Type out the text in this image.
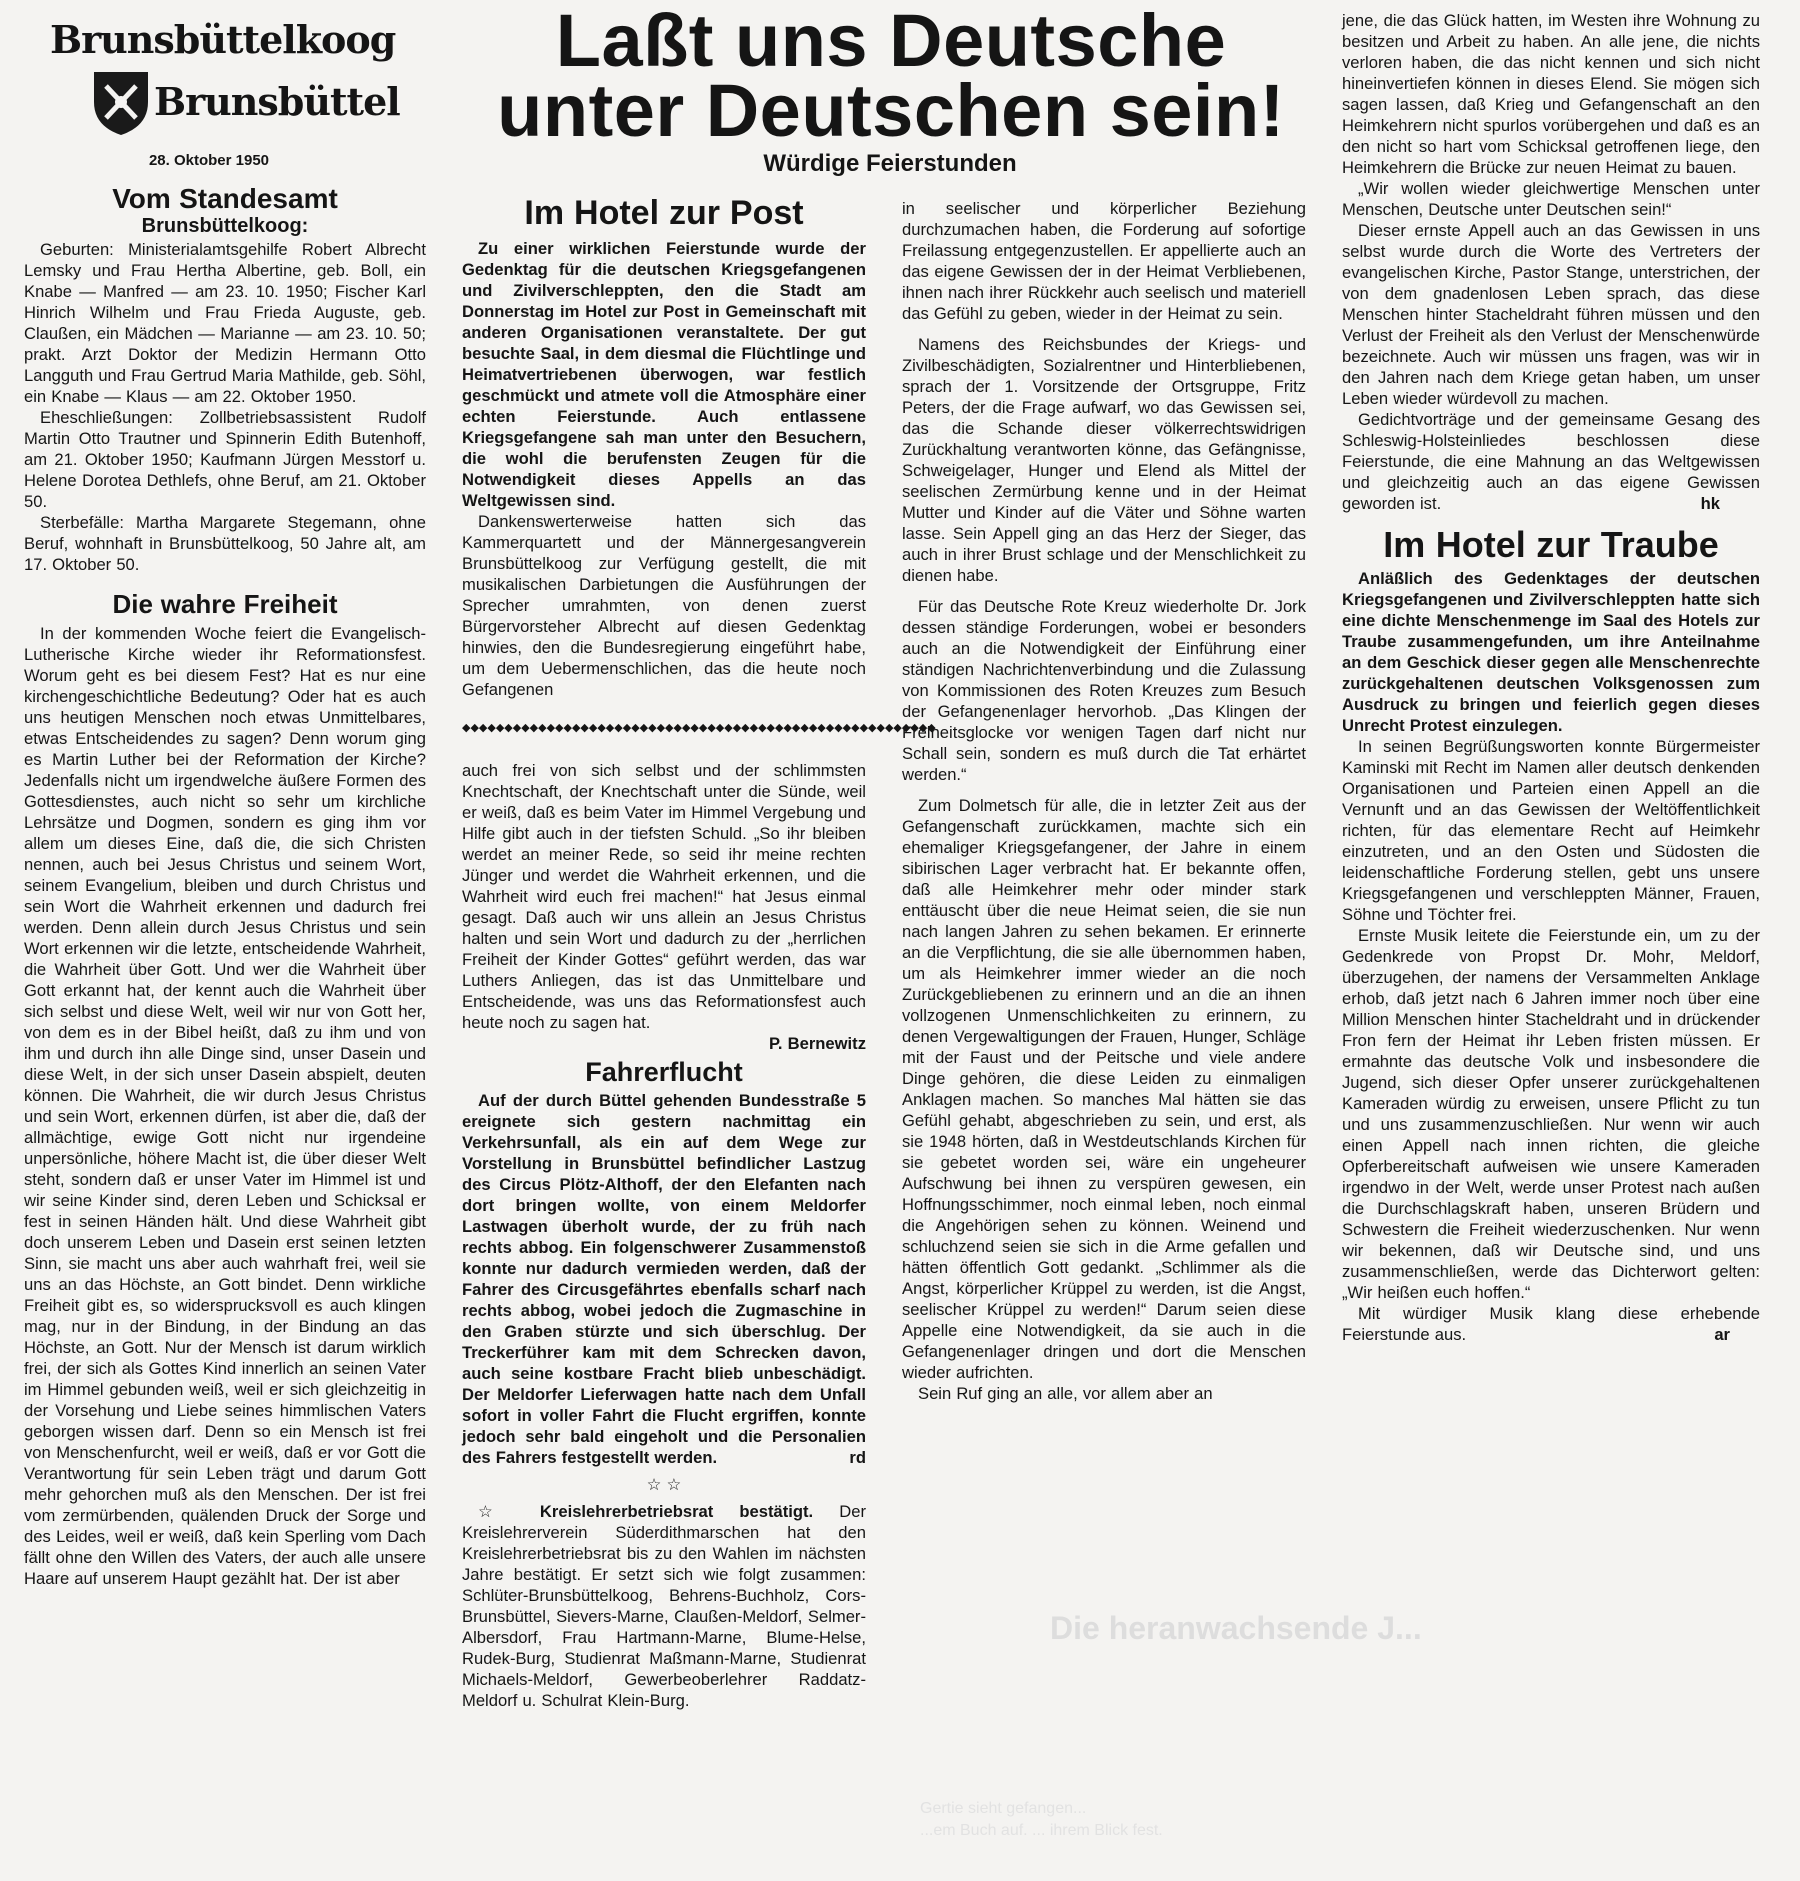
Brunsbüttelkoog
Brunsbüttel
28. Oktober 1950
Laßt uns Deutsche
unter Deutschen sein!
Würdige Feierstunden
Vom Standesamt
Brunsbüttelkoog:

Geburten: Ministerialamtsgehilfe Robert Albrecht Lemsky und Frau Hertha Albertine, geb. Boll, ein Knabe — Manfred — am 23. 10. 1950; Fischer Karl Hinrich Wilhelm und Frau Frieda Auguste, geb. Claußen, ein Mädchen — Marianne — am 23. 10. 50; prakt. Arzt Doktor der Medizin Hermann Otto Langguth und Frau Gertrud Maria Mathilde, geb. Söhl, ein Knabe — Klaus — am 22. Oktober 1950.

Eheschließungen: Zollbetriebsassistent Rudolf Martin Otto Trautner und Spinnerin Edith Butenhoff, am 21. Oktober 1950; Kaufmann Jürgen Messtorf u. Helene Dorotea Dethlefs, ohne Beruf, am 21. Oktober 50.

Sterbefälle: Martha Margarete Stegemann, ohne Beruf, wohnhaft in Brunsbüttelkoog, 50 Jahre alt, am 17. Oktober 50.

Die wahre Freiheit

In der kommenden Woche feiert die Evangelisch-Lutherische Kirche wieder ihr Reformationsfest. Worum geht es bei diesem Fest? Hat es nur eine kirchengeschichtliche Bedeutung? Oder hat es auch uns heutigen Menschen noch etwas Unmittelbares, etwas Entscheidendes zu sagen? Denn worum ging es Martin Luther bei der Reformation der Kirche? Jedenfalls nicht um irgendwelche äußere Formen des Gottesdienstes, auch nicht so sehr um kirchliche Lehrsätze und Dogmen, sondern es ging ihm vor allem um dieses Eine, daß die, die sich Christen nennen, auch bei Jesus Christus und seinem Wort, seinem Evangelium, bleiben und durch Christus und sein Wort die Wahrheit erkennen und dadurch frei werden. Denn allein durch Jesus Christus und sein Wort erkennen wir die letzte, entscheidende Wahrheit, die Wahrheit über Gott. Und wer die Wahrheit über Gott erkannt hat, der kennt auch die Wahrheit über sich selbst und diese Welt, weil wir nur von Gott her, von dem es in der Bibel heißt, daß zu ihm und von ihm und durch ihn alle Dinge sind, unser Dasein und diese Welt, in der sich unser Dasein abspielt, deuten können. Die Wahrheit, die wir durch Jesus Christus und sein Wort, erkennen dürfen, ist aber die, daß der allmächtige, ewige Gott nicht nur irgendeine unpersönliche, höhere Macht ist, die über dieser Welt steht, sondern daß er unser Vater im Himmel ist und wir seine Kinder sind, deren Leben und Schicksal er fest in seinen Händen hält. Und diese Wahrheit gibt doch unserem Leben und Dasein erst seinen letzten Sinn, sie macht uns aber auch wahrhaft frei, weil sie uns an das Höchste, an Gott bindet. Denn wirkliche Freiheit gibt es, so widersprucksvoll es auch klingen mag, nur in der Bindung, in der Bindung an das Höchste, an Gott. Nur der Mensch ist darum wirklich frei, der sich als Gottes Kind innerlich an seinen Vater im Himmel gebunden weiß, weil er sich gleichzeitig in der Vorsehung und Liebe seines himmlischen Vaters geborgen wissen darf. Denn so ein Mensch ist frei von Menschenfurcht, weil er weiß, daß er vor Gott die Verantwortung für sein Leben trägt und darum Gott mehr gehorchen muß als den Menschen. Der ist frei vom zermürbenden, quälenden Druck der Sorge und des Leides, weil er weiß, daß kein Sperling vom Dach fällt ohne den Willen des Vaters, der auch alle unsere Haare auf unserem Haupt gezählt hat. Der ist aber

Im Hotel zur Post

Zu einer wirklichen Feierstunde wurde der Gedenktag für die deutschen Kriegsgefangenen und Zivilverschleppten, den die Stadt am Donnerstag im Hotel zur Post in Gemeinschaft mit anderen Organisationen veranstaltete. Der gut besuchte Saal, in dem diesmal die Flüchtlinge und Heimatvertriebenen überwogen, war festlich geschmückt und atmete voll die Atmosphäre einer echten Feierstunde. Auch entlassene Kriegsgefangene sah man unter den Besuchern, die wohl die berufensten Zeugen für die Notwendigkeit dieses Appells an das Weltgewissen sind.

Dankenswerterweise hatten sich das Kammerquartett und der Männergesangverein Brunsbüttelkoog zur Verfügung gestellt, die mit musikalischen Darbietungen die Ausführungen der Sprecher umrahmten, von denen zuerst Bürgervorsteher Albrecht auf diesen Gedenktag hinwies, den die Bundesregierung eingeführt habe, um dem Uebermenschlichen, das die heute noch Gefangenen

◆◆◆◆◆◆◆◆◆◆◆◆◆◆◆◆◆◆◆◆◆◆◆◆◆◆◆◆◆◆◆◆◆◆◆◆◆◆◆◆◆◆◆◆◆◆◆◆◆◆◆◆◆◆◆◆

auch frei von sich selbst und der schlimmsten Knechtschaft, der Knechtschaft unter die Sünde, weil er weiß, daß es beim Vater im Himmel Vergebung und Hilfe gibt auch in der tiefsten Schuld. „So ihr bleiben werdet an meiner Rede, so seid ihr meine rechten Jünger und werdet die Wahrheit erkennen, und die Wahrheit wird euch frei machen!“ hat Jesus einmal gesagt. Daß auch wir uns allein an Jesus Christus halten und sein Wort und dadurch zu der „herrlichen Freiheit der Kinder Gottes“ geführt werden, das war Luthers Anliegen, das ist das Unmittelbare und Entscheidende, was uns das Reformationsfest auch heute noch zu sagen hat.

P. Bernewitz
Fahrerflucht

Auf der durch Büttel gehenden Bundesstraße 5 ereignete sich gestern nachmittag ein Verkehrsunfall, als ein auf dem Wege zur Vorstellung in Brunsbüttel befindlicher Lastzug des Circus Plötz-Althoff, der den Elefanten nach dort bringen wollte, von einem Meldorfer Lastwagen überholt wurde, der zu früh nach rechts abbog. Ein folgenschwerer Zusammenstoß konnte nur dadurch vermieden werden, daß der Fahrer des Circusgefährtes ebenfalls scharf nach rechts abbog, wobei jedoch die Zugmaschine in den Graben stürzte und sich überschlug. Der Treckerführer kam mit dem Schrecken davon, auch seine kostbare Fracht blieb unbeschädigt. Der Meldorfer Lieferwagen hatte nach dem Unfall sofort in voller Fahrt die Flucht ergriffen, konnte jedoch sehr bald eingeholt und die Personalien des Fahrers festgestellt werden.	rd
☆ ☆

☆ Kreislehrerbetriebsrat bestätigt. Der Kreislehrerverein Süderdithmarschen hat den Kreislehrerbetriebsrat bis zu den Wahlen im nächsten Jahre bestätigt. Er setzt sich wie folgt zusammen: Schlüter-Brunsbüttelkoog, Behrens-Buchholz, Cors-Brunsbüttel, Sievers-Marne, Claußen-Meldorf, Selmer-Albersdorf, Frau Hartmann-Marne, Blume-Helse, Rudek-Burg, Studienrat Maßmann-Marne, Studienrat Michaels-Meldorf, Gewerbeoberlehrer Raddatz-Meldorf u. Schulrat Klein-Burg.

in seelischer und körperlicher Beziehung durchzumachen haben, die Forderung auf sofortige Freilassung entgegenzustellen. Er appellierte auch an das eigene Gewissen der in der Heimat Verbliebenen, ihnen nach ihrer Rückkehr auch seelisch und materiell das Gefühl zu geben, wieder in der Heimat zu sein.

Namens des Reichsbundes der Kriegs- und Zivilbeschädigten, Sozialrentner und Hinterbliebenen, sprach der 1. Vorsitzende der Ortsgruppe, Fritz Peters, der die Frage aufwarf, wo das Gewissen sei, das die Schande dieser völkerrechtswidrigen Zurückhaltung verantworten könne, das Gefängnisse, Schweigelager, Hunger und Elend als Mittel der seelischen Zermürbung kenne und in der Heimat Mutter und Kinder auf die Väter und Söhne warten lasse. Sein Appell ging an das Herz der Sieger, das auch in ihrer Brust schlage und der Menschlichkeit zu dienen habe.

Für das Deutsche Rote Kreuz wiederholte Dr. Jork dessen ständige Forderungen, wobei er besonders auch an die Notwendigkeit der Einführung einer ständigen Nachrichtenverbindung und die Zulassung von Kommissionen des Roten Kreuzes zum Besuch der Gefangenenlager hervorhob. „Das Klingen der Freiheitsglocke vor wenigen Tagen darf nicht nur Schall sein, sondern es muß durch die Tat erhärtet werden.“

Zum Dolmetsch für alle, die in letzter Zeit aus der Gefangenschaft zurückkamen, machte sich ein ehemaliger Kriegsgefangener, der Jahre in einem sibirischen Lager verbracht hat. Er bekannte offen, daß alle Heimkehrer mehr oder minder stark enttäuscht über die neue Heimat seien, die sie nun nach langen Jahren zu sehen bekamen. Er erinnerte an die Verpflichtung, die sie alle übernommen haben, um als Heimkehrer immer wieder an die noch Zurückgebliebenen zu erinnern und an die an ihnen vollzogenen Unmenschlichkeiten zu erinnern, zu denen Vergewaltigungen der Frauen, Hunger, Schläge mit der Faust und der Peitsche und viele andere Dinge gehören, die diese Leiden zu einmaligen Anklagen machen. So manches Mal hätten sie das Gefühl gehabt, abgeschrieben zu sein, und erst, als sie 1948 hörten, daß in Westdeutschlands Kirchen für sie gebetet worden sei, wäre ein ungeheurer Aufschwung bei ihnen zu verspüren gewesen, ein Hoffnungsschimmer, noch einmal leben, noch einmal die Angehörigen sehen zu können. Weinend und schluchzend seien sie sich in die Arme gefallen und hätten öffentlich Gott gedankt. „Schlimmer als die Angst, körperlicher Krüppel zu werden, ist die Angst, seelischer Krüppel zu werden!“ Darum seien diese Appelle eine Notwendigkeit, da sie auch in die Gefangenenlager dringen und dort die Menschen wieder aufrichten.

Sein Ruf ging an alle, vor allem aber an

jene, die das Glück hatten, im Westen ihre Wohnung zu besitzen und Arbeit zu haben. An alle jene, die nichts verloren haben, die das nicht kennen und sich nicht hineinvertiefen können in dieses Elend. Sie mögen sich sagen lassen, daß Krieg und Gefangenschaft an den Heimkehrern nicht spurlos vorübergehen und daß es an den nicht so hart vom Schicksal getroffenen liege, den Heimkehrern die Brücke zur neuen Heimat zu bauen.

„Wir wollen wieder gleichwertige Menschen unter Menschen, Deutsche unter Deutschen sein!“

Dieser ernste Appell auch an das Gewissen in uns selbst wurde durch die Worte des Vertreters der evangelischen Kirche, Pastor Stange, unterstrichen, der von dem gnadenlosen Leben sprach, das diese Menschen hinter Stacheldraht führen müssen und den Verlust der Freiheit als den Verlust der Menschenwürde bezeichnete. Auch wir müssen uns fragen, was wir in den Jahren nach dem Kriege getan haben, um unser Leben wieder würdevoll zu machen.

Gedichtvorträge und der gemeinsame Gesang des Schleswig-Holsteinliedes beschlossen diese Feierstunde, die eine Mahnung an das Weltgewissen und gleichzeitig auch an das eigene Gewissen geworden ist.	hk
Im Hotel zur Traube

Anläßlich des Gedenktages der deutschen Kriegsgefangenen und Zivilverschleppten hatte sich eine dichte Menschenmenge im Saal des Hotels zur Traube zusammengefunden, um ihre Anteilnahme an dem Geschick dieser gegen alle Menschenrechte zurückgehaltenen deutschen Volksgenossen zum Ausdruck zu bringen und feierlich gegen dieses Unrecht Protest einzulegen.

In seinen Begrüßungsworten konnte Bürgermeister Kaminski mit Recht im Namen aller deutsch denkenden Organisationen und Parteien einen Appell an die Vernunft und an das Gewissen der Weltöffentlichkeit richten, für das elementare Recht auf Heimkehr einzutreten, und an den Osten und Südosten die leidenschaftliche Forderung stellen, gebt uns unsere Kriegsgefangenen und verschleppten Männer, Frauen, Söhne und Töchter frei.

Ernste Musik leitete die Feierstunde ein, um zu der Gedenkrede von Propst Dr. Mohr, Meldorf, überzugehen, der namens der Versammelten Anklage erhob, daß jetzt nach 6 Jahren immer noch über eine Million Menschen hinter Stacheldraht und in drückender Fron fern der Heimat ihr Leben fristen müssen. Er ermahnte das deutsche Volk und insbesondere die Jugend, sich dieser Opfer unserer zurückgehaltenen Kameraden würdig zu erweisen, unsere Pflicht zu tun und uns zusammenzuschließen. Nur wenn wir auch einen Appell nach innen richten, die gleiche Opferbereitschaft aufweisen wie unsere Kameraden irgendwo in der Welt, werde unser Protest nach außen die Durchschlagskraft haben, unseren Brüdern und Schwestern die Freiheit wiederzuschenken. Nur wenn wir bekennen, daß wir Deutsche sind, und uns zusammenschließen, werde das Dichterwort gelten: „Wir heißen euch hoffen.“

Mit würdiger Musik klang diese erhebende Feierstunde aus.	ar
Die heranwachsende J...
Gertie sieht gefangen...
...em Buch auf. ... ihrem Blick fest.
